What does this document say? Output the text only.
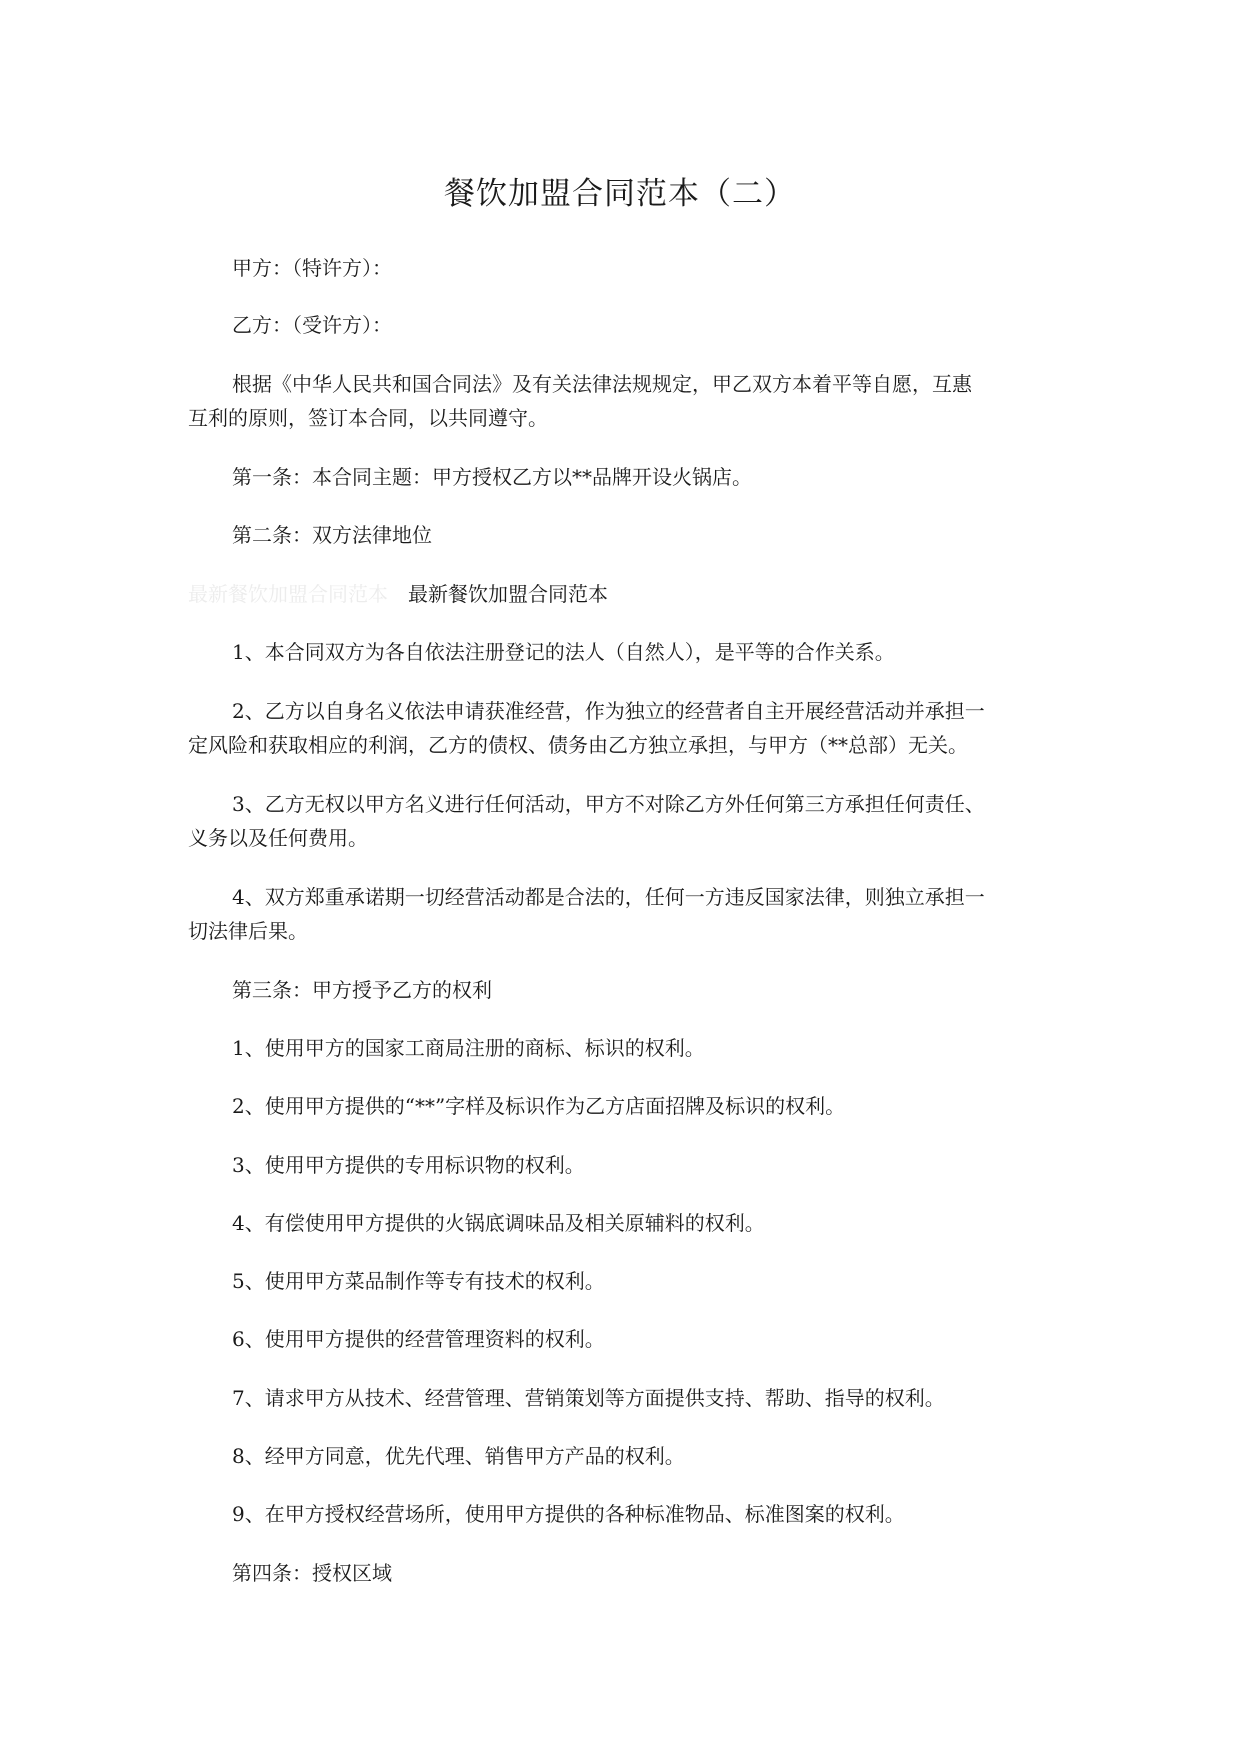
餐饮加盟合同范本（二）

甲方：（特许方）：

乙方：（受许方）：

根据《中华人民共和国合同法》及有关法律法规规定，甲乙双方本着平等自愿，互惠

互利的原则，签订本合同，以共同遵守。

第一条：本合同主题：甲方授权乙方以**品牌开设火锅店。

第二条：双方法律地位

最新餐饮加盟合同范本 最新餐饮加盟合同范本

1、本合同双方为各自依法注册登记的法人（自然人），是平等的合作关系。

2、乙方以自身名义依法申请获准经营，作为独立的经营者自主开展经营活动并承担一

定风险和获取相应的利润，乙方的债权、债务由乙方独立承担，与甲方（**总部）无关。

3、乙方无权以甲方名义进行任何活动，甲方不对除乙方外任何第三方承担任何责任、

义务以及任何费用。

4、双方郑重承诺期一切经营活动都是合法的，任何一方违反国家法律，则独立承担一

切法律后果。

第三条：甲方授予乙方的权利

1、使用甲方的国家工商局注册的商标、标识的权利。

2、使用甲方提供的“**”字样及标识作为乙方店面招牌及标识的权利。

3、使用甲方提供的专用标识物的权利。

4、有偿使用甲方提供的火锅底调味品及相关原辅料的权利。

5、使用甲方菜品制作等专有技术的权利。

6、使用甲方提供的经营管理资料的权利。

7、请求甲方从技术、经营管理、营销策划等方面提供支持、帮助、指导的权利。

8、经甲方同意，优先代理、销售甲方产品的权利。

9、在甲方授权经营场所，使用甲方提供的各种标准物品、标准图案的权利。

第四条：授权区域
